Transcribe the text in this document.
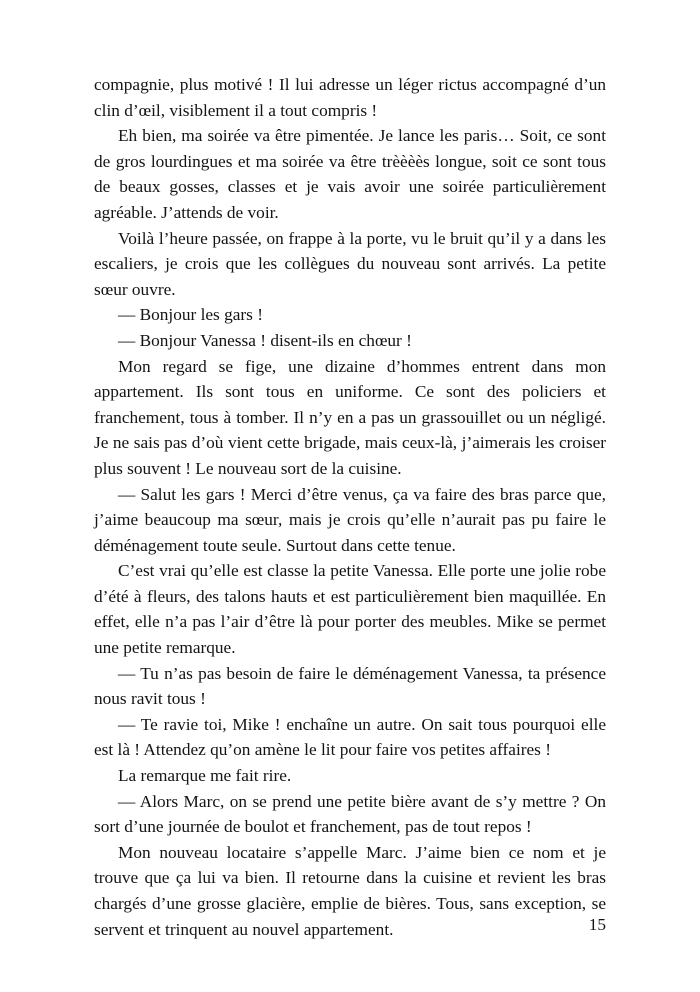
compagnie, plus motivé ! Il lui adresse un léger rictus accompagné d’un clin d’œil, visiblement il a tout compris !

Eh bien, ma soirée va être pimentée. Je lance les paris… Soit, ce sont de gros lourdingues et ma soirée va être trèèèès longue, soit ce sont tous de beaux gosses, classes et je vais avoir une soirée particulièrement agréable. J’attends de voir.

Voilà l’heure passée, on frappe à la porte, vu le bruit qu’il y a dans les escaliers, je crois que les collègues du nouveau sont arrivés. La petite sœur ouvre.

— Bonjour les gars !

— Bonjour Vanessa ! disent-ils en chœur !

Mon regard se fige, une dizaine d’hommes entrent dans mon appartement. Ils sont tous en uniforme. Ce sont des policiers et franchement, tous à tomber. Il n’y en a pas un grassouillet ou un négligé. Je ne sais pas d’où vient cette brigade, mais ceux-là, j’aimerais les croiser plus souvent ! Le nouveau sort de la cuisine.

— Salut les gars ! Merci d’être venus, ça va faire des bras parce que, j’aime beaucoup ma sœur, mais je crois qu’elle n’aurait pas pu faire le déménagement toute seule. Surtout dans cette tenue.

C’est vrai qu’elle est classe la petite Vanessa. Elle porte une jolie robe d’été à fleurs, des talons hauts et est particulièrement bien maquillée. En effet, elle n’a pas l’air d’être là pour porter des meubles. Mike se permet une petite remarque.

— Tu n’as pas besoin de faire le déménagement Vanessa, ta présence nous ravit tous !

— Te ravie toi, Mike ! enchaîne un autre. On sait tous pourquoi elle est là ! Attendez qu’on amène le lit pour faire vos petites affaires !

La remarque me fait rire.

— Alors Marc, on se prend une petite bière avant de s’y mettre ? On sort d’une journée de boulot et franchement, pas de tout repos !

Mon nouveau locataire s’appelle Marc. J’aime bien ce nom et je trouve que ça lui va bien. Il retourne dans la cuisine et revient les bras chargés d’une grosse glacière, emplie de bières. Tous, sans exception, se servent et trinquent au nouvel appartement.	15
